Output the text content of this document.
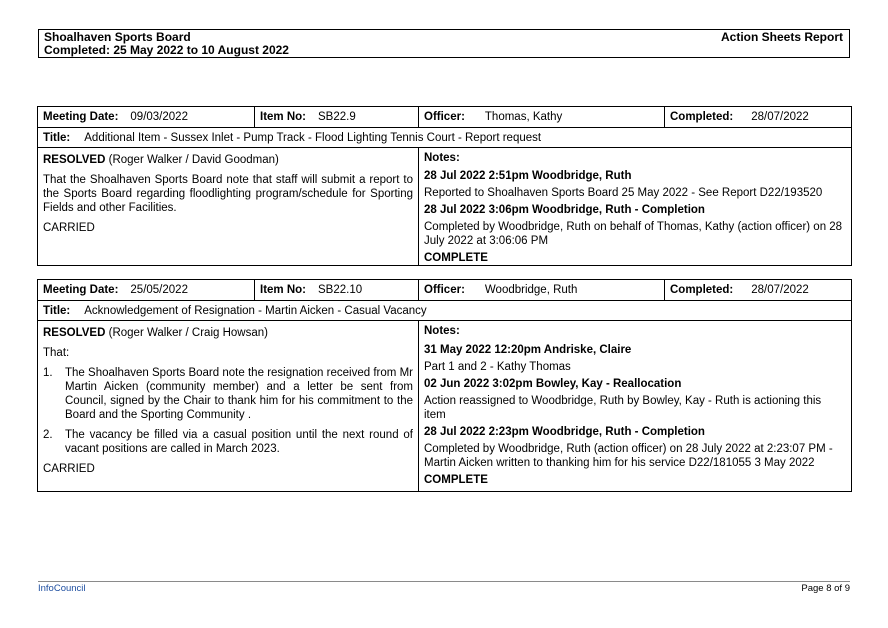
Shoalhaven Sports Board
Completed: 25 May 2022 to 10 August 2022
Action Sheets Report
Meeting Date: 09/03/2022	Item No: SB22.9	Officer: Thomas, Kathy	Completed: 28/07/2022
Title: Additional Item - Sussex Inlet - Pump Track - Flood Lighting Tennis Court - Report request

RESOLVED (Roger Walker / David Goodman)

That the Shoalhaven Sports Board note that staff will submit a report to the Sports Board regarding floodlighting program/schedule for Sporting Fields and other Facilities.

CARRIED

Notes:

28 Jul 2022 2:51pm Woodbridge, Ruth

Reported to Shoalhaven Sports Board 25 May 2022 - See Report D22/193520

28 Jul 2022 3:06pm Woodbridge, Ruth - Completion

Completed by Woodbridge, Ruth on behalf of Thomas, Kathy (action officer) on 28 July 2022 at 3:06:06 PM

COMPLETE

Meeting Date: 25/05/2022	Item No: SB22.10	Officer: Woodbridge, Ruth	Completed: 28/07/2022
Title: Acknowledgement of Resignation - Martin Aicken - Casual Vacancy

RESOLVED (Roger Walker / Craig Howsan)

That:

1. The Shoalhaven Sports Board note the resignation received from Mr Martin Aicken (community member) and a letter be sent from Council, signed by the Chair to thank him for his commitment to the Board and the Sporting Community .
2. The vacancy be filled via a casual position until the next round of vacant positions are called in March 2023.

CARRIED

Notes:

31 May 2022 12:20pm Andriske, Claire

Part 1 and 2 - Kathy Thomas

02 Jun 2022 3:02pm Bowley, Kay - Reallocation

Action reassigned to Woodbridge, Ruth by Bowley, Kay - Ruth is actioning this item

28 Jul 2022 2:23pm Woodbridge, Ruth - Completion

Completed by Woodbridge, Ruth (action officer) on 28 July 2022 at 2:23:07 PM - Martin Aicken written to thanking him for his service D22/181055 3 May 2022

COMPLETE

InfoCouncil	Page 8 of 9
